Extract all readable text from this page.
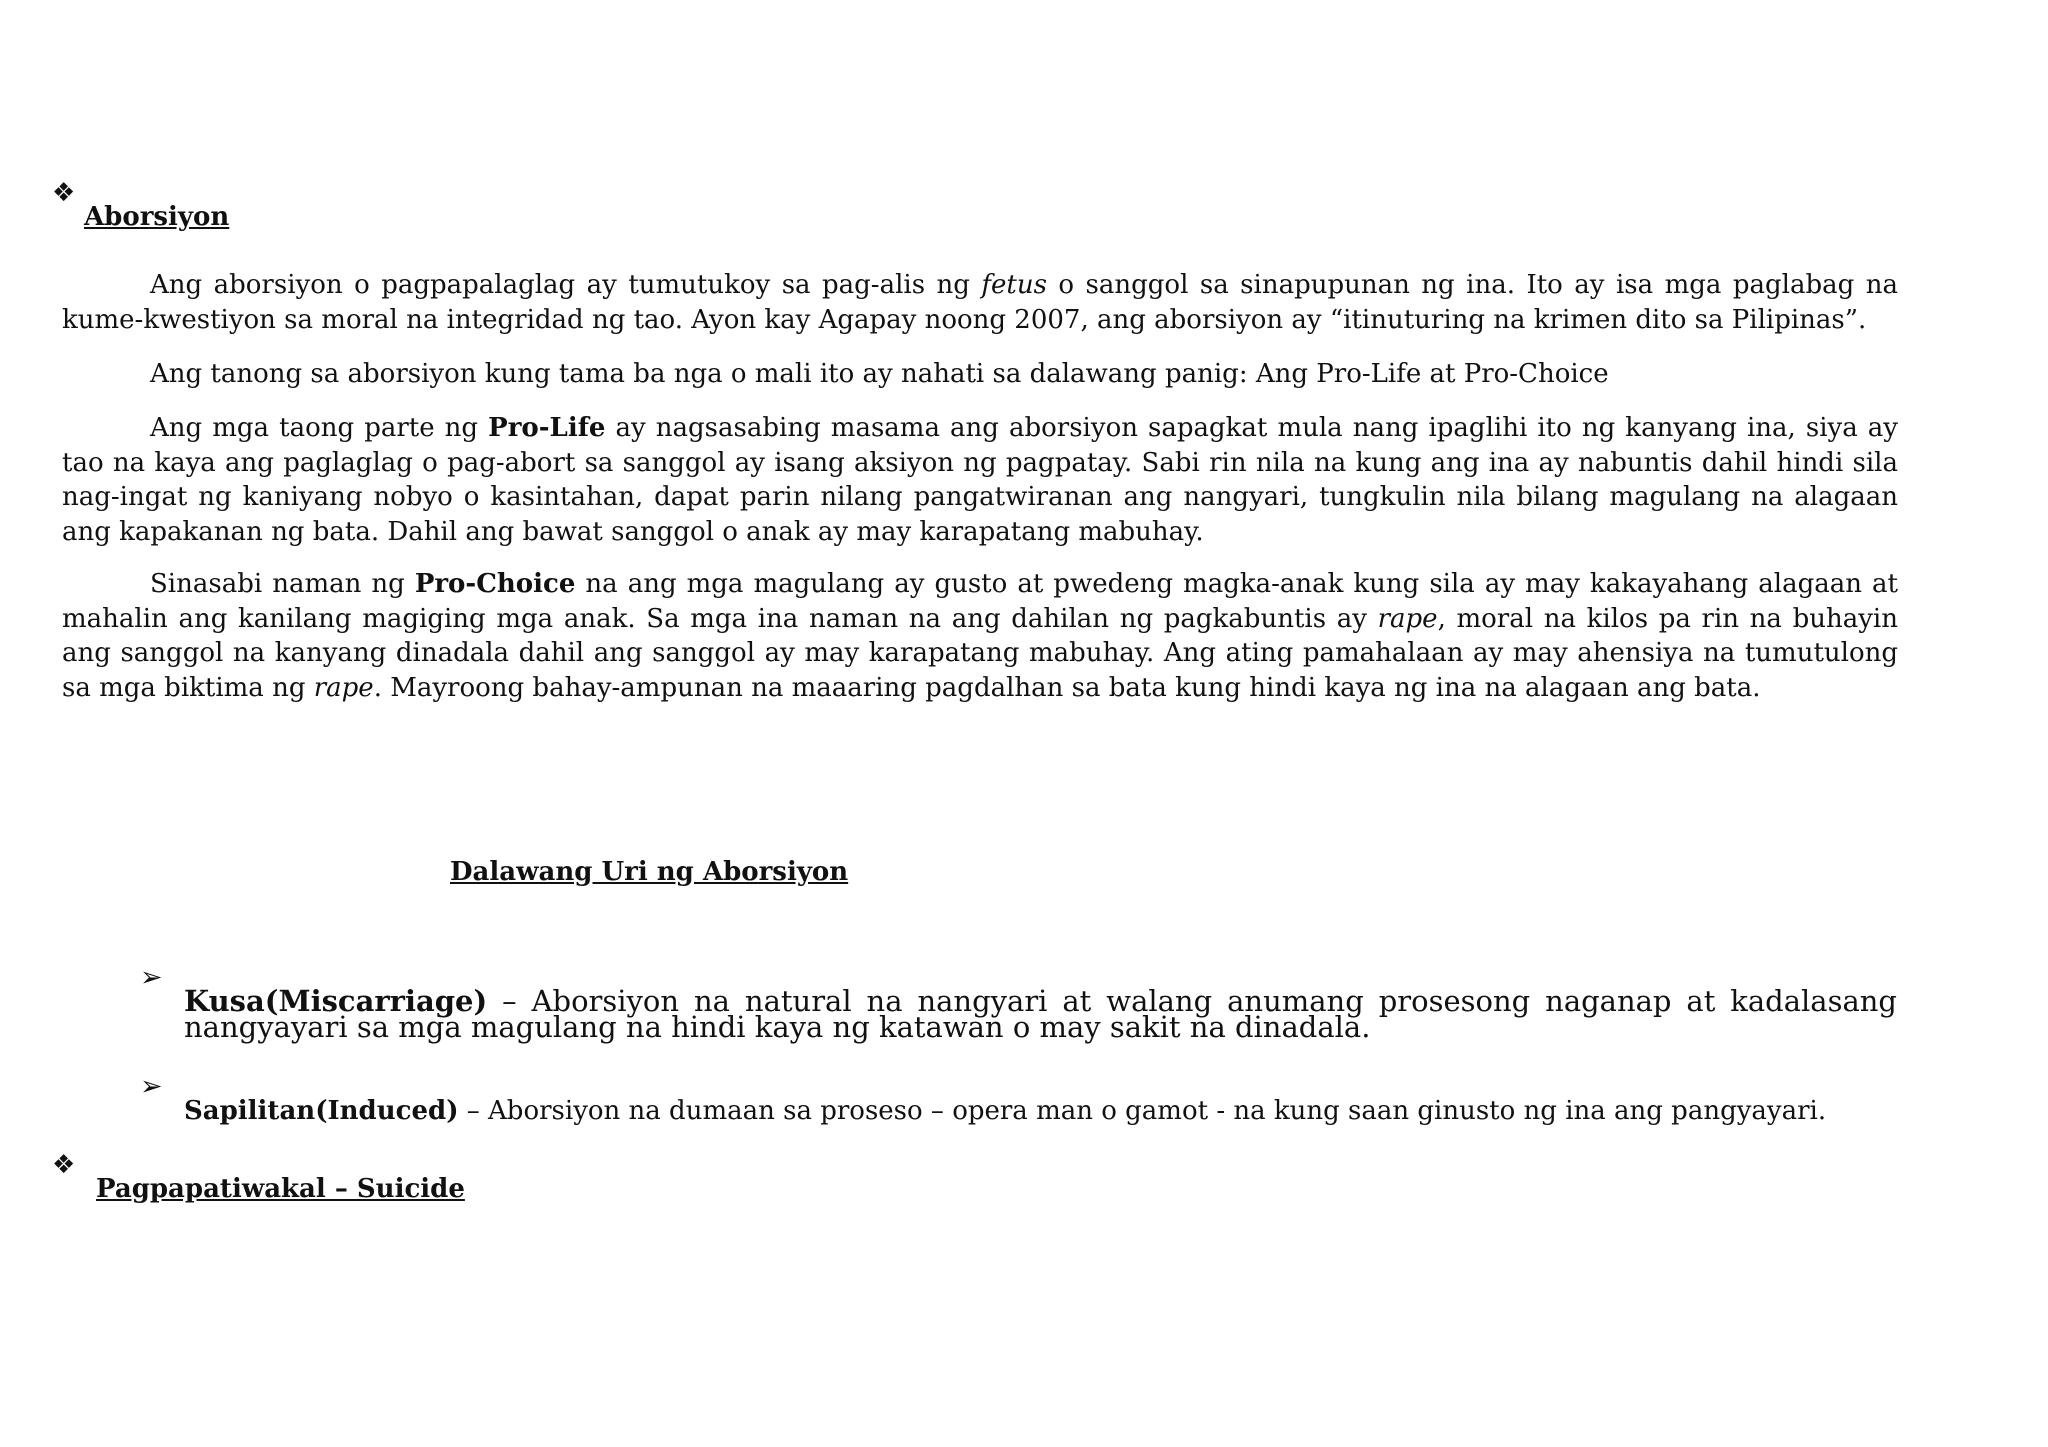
❖
Aborsiyon

Ang aborsiyon o pagpapalaglag ay tumutukoy sa pag-alis ng fetus o sanggol sa sinapupunan ng ina. Ito ay isa mga paglabag na kume-kwestiyon sa moral na integridad ng tao. Ayon kay Agapay noong 2007, ang aborsiyon ay “itinuturing na krimen dito sa Pilipinas”.

Ang tanong sa aborsiyon kung tama ba nga o mali ito ay nahati sa dalawang panig: Ang Pro-Life at Pro-Choice

Ang mga taong parte ng Pro-Life ay nagsasabing masama ang aborsiyon sapagkat mula nang ipaglihi ito ng kanyang ina, siya ay tao na kaya ang paglaglag o pag-abort sa sanggol ay isang aksiyon ng pagpatay. Sabi rin nila na kung ang ina ay nabuntis dahil hindi sila nag-ingat ng kaniyang nobyo o kasintahan, dapat parin nilang pangatwiranan ang nangyari, tungkulin nila bilang magulang na alagaan ang kapakanan ng bata. Dahil ang bawat sanggol o anak ay may karapatang mabuhay.

Sinasabi naman ng Pro-Choice na ang mga magulang ay gusto at pwedeng magka-anak kung sila ay may kakayahang alagaan at mahalin ang kanilang magiging mga anak. Sa mga ina naman na ang dahilan ng pagkabuntis ay rape, moral na kilos pa rin na buhayin ang sanggol na kanyang dinadala dahil ang sanggol ay may karapatang mabuhay. Ang ating pamahalaan ay may ahensiya na tumutulong sa mga biktima ng rape. Mayroong bahay-ampunan na maaaring pagdalhan sa bata kung hindi kaya ng ina na alagaan ang bata.

Dalawang Uri ng Aborsiyon
➢

Kusa(Miscarriage) – Aborsiyon na natural na nangyari at walang anumang prosesong naganap at kadalasang nangyayari sa mga magulang na hindi kaya ng katawan o may sakit na dinadala.

➢

Sapilitan(Induced) – Aborsiyon na dumaan sa proseso – opera man o gamot - na kung saan ginusto ng ina ang pangyayari.

❖
Pagpapatiwakal – Suicide
